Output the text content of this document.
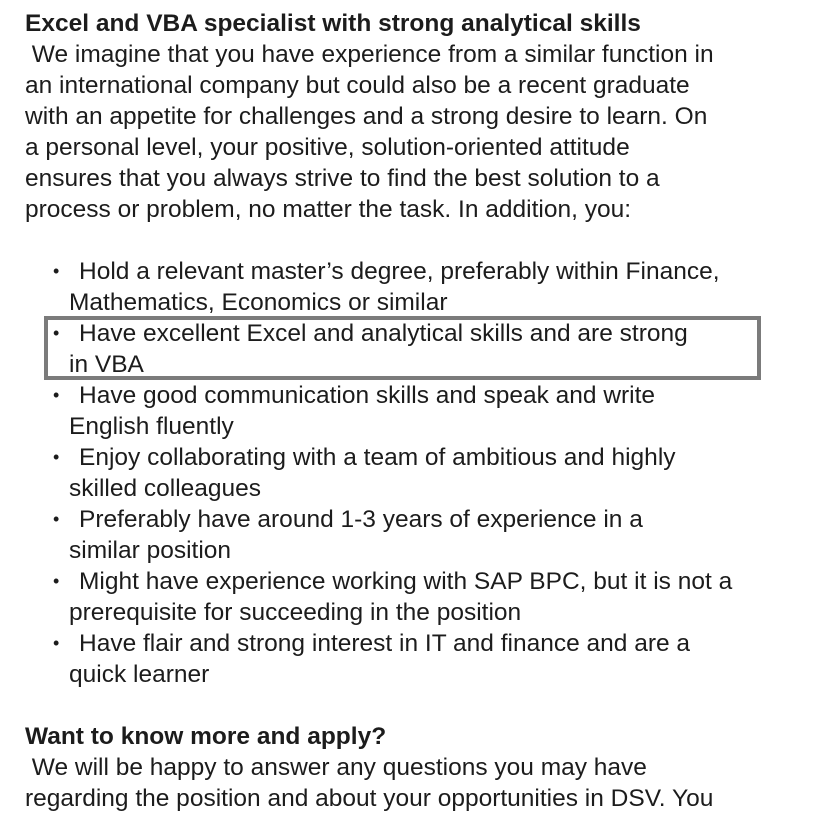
Excel and VBA specialist with strong analytical skills

We imagine that you have experience from a similar function in
an international company but could also be a recent graduate
with an appetite for challenges and a strong desire to learn. On
a personal level, your positive, solution-oriented attitude
ensures that you always strive to find the best solution to a
process or problem, no matter the task. In addition, you:
• Hold a relevant master’s degree, preferably within Finance,
Mathematics, Economics or similar
• Have excellent Excel and analytical skills and are strong
in VBA
• Have good communication skills and speak and write
English fluently
• Enjoy collaborating with a team of ambitious and highly
skilled colleagues
• Preferably have around 1-3 years of experience in a
similar position
• Might have experience working with SAP BPC, but it is not a
prerequisite for succeeding in the position
• Have flair and strong interest in IT and finance and are a
quick learner

Want to know more and apply?

We will be happy to answer any questions you may have
regarding the position and about your opportunities in DSV. You
